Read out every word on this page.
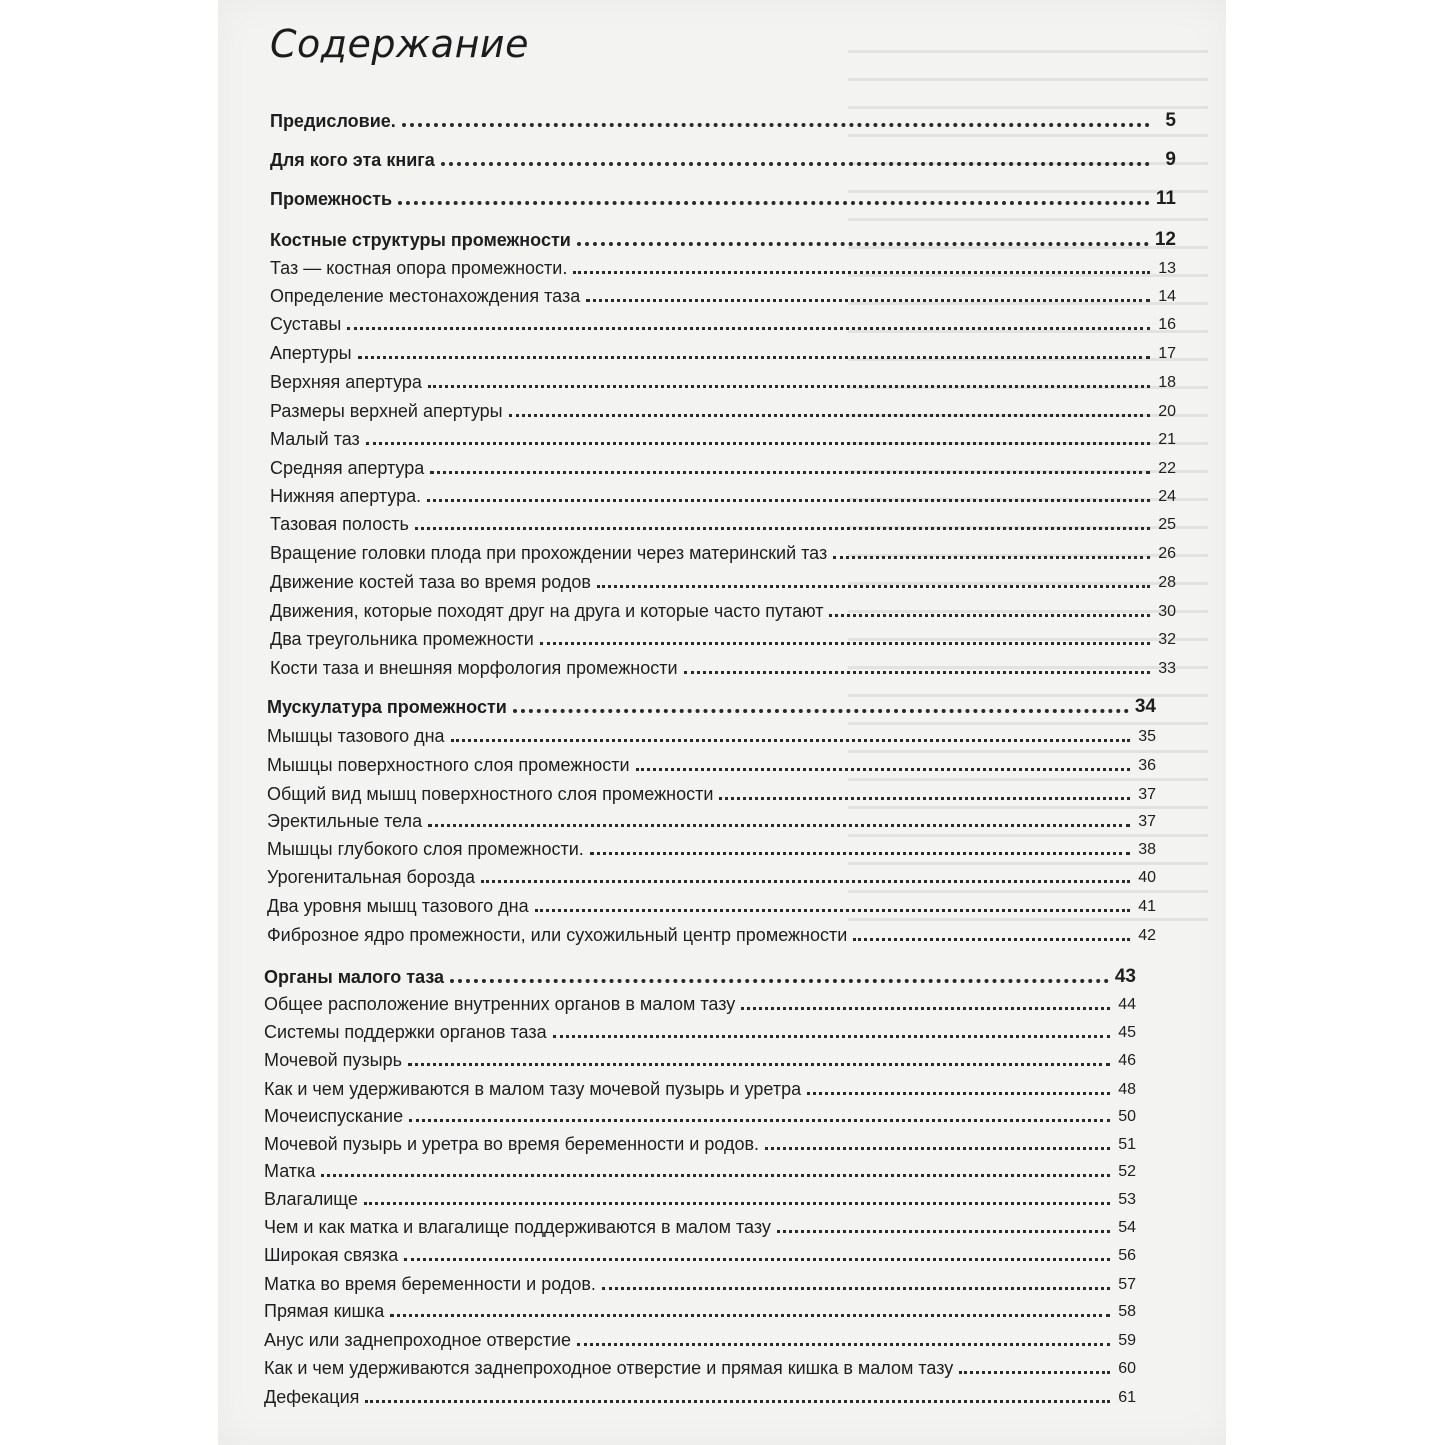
Содержание
Предисловие.	5
Для кого эта книга	9
Промежность	11
Костные структуры промежности	12
Таз — костная опора промежности.	13
Определение местонахождения таза	14
Суставы	16
Апертуры	17
Верхняя апертура	18
Размеры верхней апертуры	20
Малый таз	21
Средняя апертура	22
Нижняя апертура.	24
Тазовая полость	25
Вращение головки плода при прохождении через материнский таз	26
Движение костей таза во время родов	28
Движения, которые походят друг на друга и которые часто путают	30
Два треугольника промежности	32
Кости таза и внешняя морфология промежности	33
Мускулатура промежности	34
Мышцы тазового дна	35
Мышцы поверхностного слоя промежности	36
Общий вид мышц поверхностного слоя промежности	37
Эректильные тела	37
Мышцы глубокого слоя промежности.	38
Урогенитальная борозда	40
Два уровня мышц тазового дна	41
Фиброзное ядро промежности, или сухожильный центр промежности	42
Органы малого таза	43
Общее расположение внутренних органов в малом тазу	44
Системы поддержки органов таза	45
Мочевой пузырь	46
Как и чем удерживаются в малом тазу мочевой пузырь и уретра	48
Мочеиспускание	50
Мочевой пузырь и уретра во время беременности и родов.	51
Матка	52
Влагалище	53
Чем и как матка и влагалище поддерживаются в малом тазу	54
Широкая связка	56
Матка во время беременности и родов.	57
Прямая кишка	58
Анус или заднепроходное отверстие	59
Как и чем удерживаются заднепроходное отверстие и прямая кишка в малом тазу	60
Дефекация	61
